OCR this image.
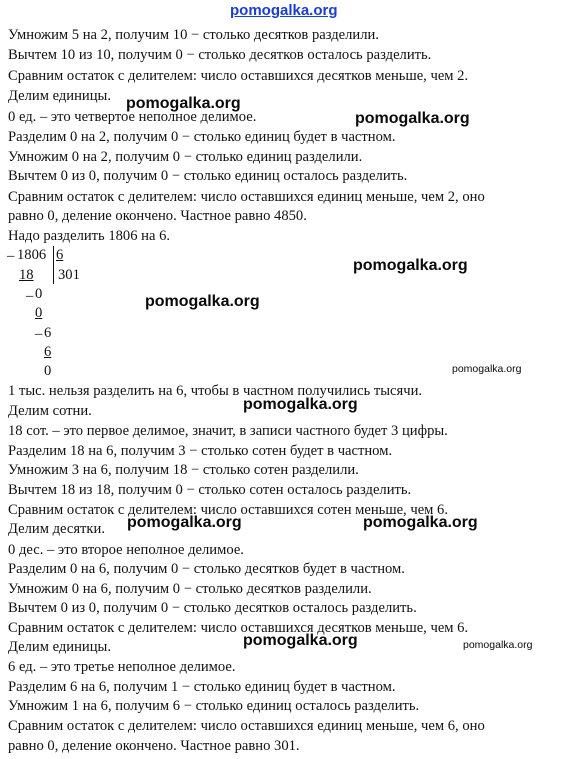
pomogalka.org

Умножим 5 на 2, получим 10 − столько десятков разделили.

Вычтем 10 из 10, получим 0 − столько десятков осталось разделить.

Сравним остаток с делителем: число оставшихся десятков меньше, чем 2.

Делим единицы.

0 ед. – это четвертое неполное делимое.

Разделим 0 на 2, получим 0 − столько единиц будет в частном.

Умножим 0 на 2, получим 0 − столько единиц разделили.

Вычтем 0 из 0, получим 0 − столько единиц осталось разделить.

Сравним остаток с делителем: число оставшихся единиц меньше, чем 2, оно

равно 0, деление окончено. Частное равно 4850.

Надо разделить 1806 на 6.

pomogalka.org

pomogalka.org

_ 1806 6

18 301

_ 0

0

_ 6

6

0

pomogalka.org

pomogalka.org

pomogalka.org

1 тыс. нельзя разделить на 6, чтобы в частном получились тысячи.

Делим сотни.

18 сот. – это первое делимое, значит, в записи частного будет 3 цифры.

Разделим 18 на 6, получим 3 − столько сотен будет в частном.

Умножим 3 на 6, получим 18 − столько сотен разделили.

Вычтем 18 из 18, получим 0 − столько сотен осталось разделить.

Сравним остаток с делителем: число оставшихся сотен меньше, чем 6.

Делим десятки.

0 дес. – это второе неполное делимое.

Разделим 0 на 6, получим 0 − столько десятков будет в частном.

Умножим 0 на 6, получим 0 − столько десятков разделили.

Вычтем 0 из 0, получим 0 − столько десятков осталось разделить.

Сравним остаток с делителем: число оставшихся десятков меньше, чем 6.

Делим единицы.

6 ед. – это третье неполное делимое.

Разделим 6 на 6, получим 1 − столько единиц будет в частном.

Умножим 1 на 6, получим 6 − столько единиц осталось разделить.

Сравним остаток с делителем: число оставшихся единиц меньше, чем 6, оно

равно 0, деление окончено. Частное равно 301.

pomogalka.org

pomogalka.org	pomogalka.org

pomogalka.org	pomogalka.org
